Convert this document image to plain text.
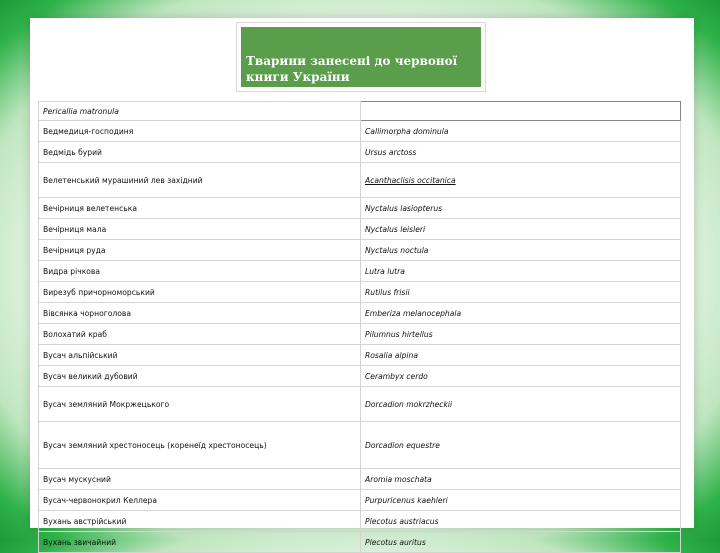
Тварини занесені до червоної книги України
Pericallia matronula	
Ведмедиця-господиня	Callimorpha dominula
Ведмідь бурий	Ursus arctoss
Велетенський мурашиний лев західний	Acanthaclisis occitanica
Вечірниця велетенська	Nyctalus lasiopterus
Вечірниця мала	Nyctalus leisleri
Вечірниця руда	Nyctalus noctula
Видра річкова	Lutra lutra
Вирезуб причорноморський	Rutilus frisii
Вівсянка чорноголова	Emberiza melanocephala
Волохатий краб	Pilumnus hirtellus
Вусач альпійський	Rosalia alpina
Вусач великий дубовий	Cerambyx cerdo
Вусач земляний Мокржецького	Dorcadion mokrzheckii
Вусач земляний хрестоносець (коренеїд хрестоносець)	Dorcadion equestre
Вусач мускусний	Aromia moschata
Вусач-червонокрил Келлера	Purpuricenus kaehleri
Вухань австрійський	Plecotus austriacus
Вухань звичайний	Plecotus auritus
